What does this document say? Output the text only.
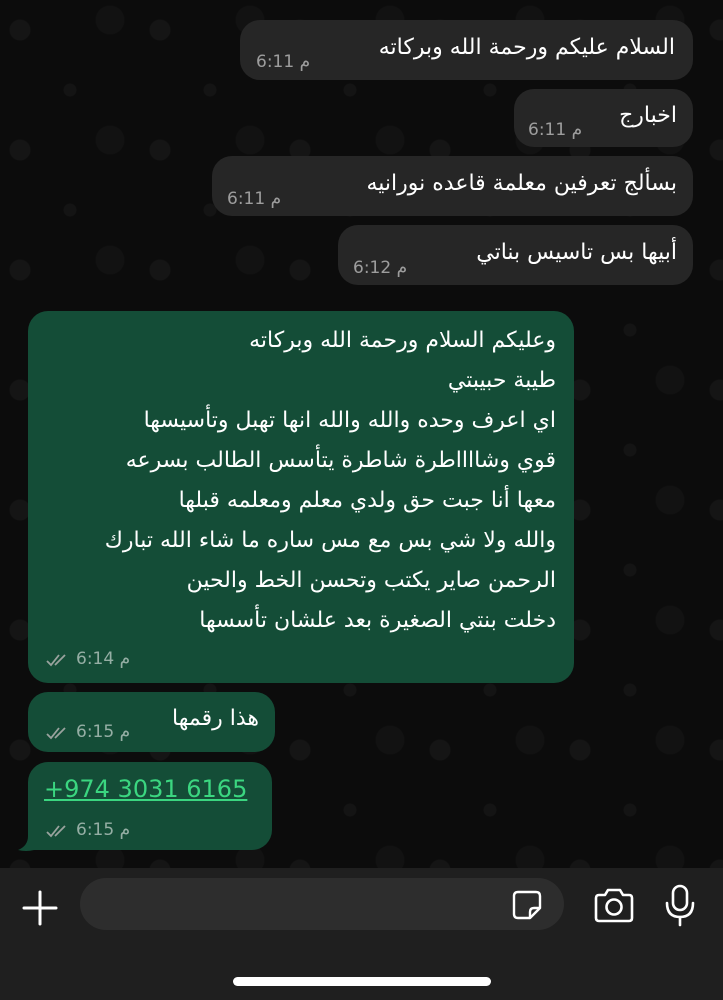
السلام عليكم ورحمة الله وبركاته
6:11 م
اخبارج
6:11 م
بسألج تعرفين معلمة قاعده نورانيه
6:11 م
أبيها بس تاسيس بناتي
6:12 م
وعليكم السلام ورحمة الله وبركاته
طيبة حبيبتي
اي اعرف وحده والله والله انها تهبل وتأسيسها
قوي وشااااطرة شاطرة يتأسس الطالب بسرعه
معها أنا جبت حق ولدي معلم ومعلمه قبلها
والله ولا شي بس مع مس ساره ما شاء الله تبارك
الرحمن صاير يكتب وتحسن الخط والحين
دخلت بنتي الصغيرة بعد علشان تأسسها
6:14 م
هذا رقمها
6:15 م
+974 3031 6165
6:15 م
